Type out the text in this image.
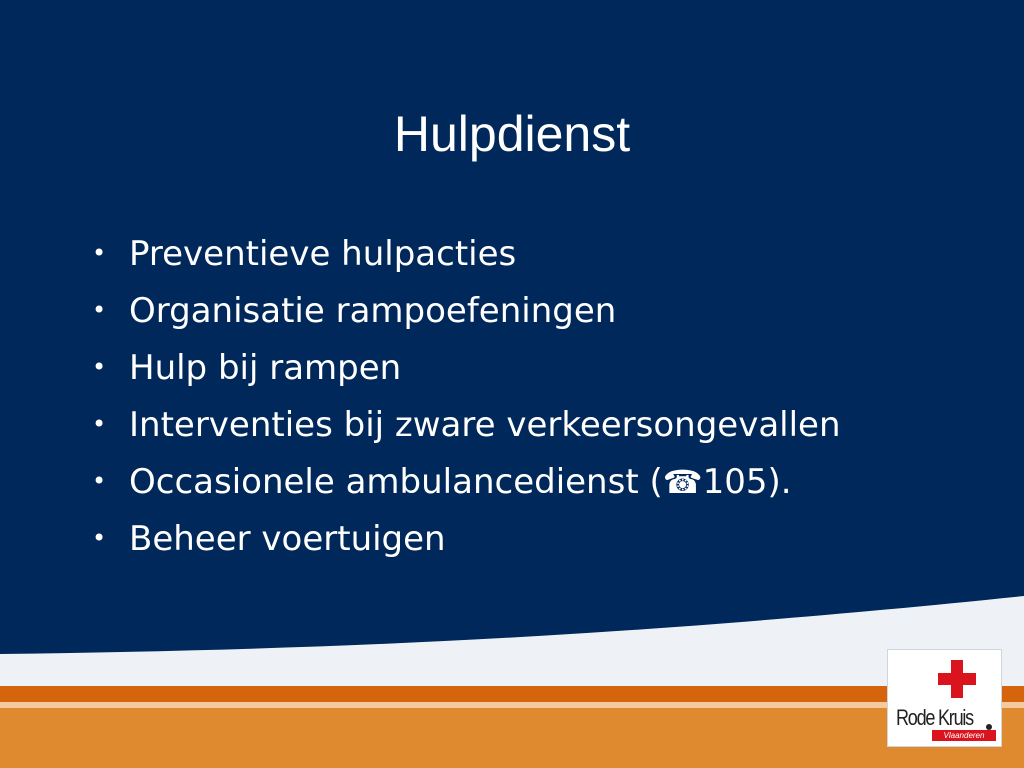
Hulpdienst
• Preventieve hulpacties
• Organisatie rampoefeningen
• Hulp bij rampen
• Interventies bij zware verkeersongevallen
• Occasionele ambulancedienst (☎105).
• Beheer voertuigen
Rode Kruis
Vlaanderen
